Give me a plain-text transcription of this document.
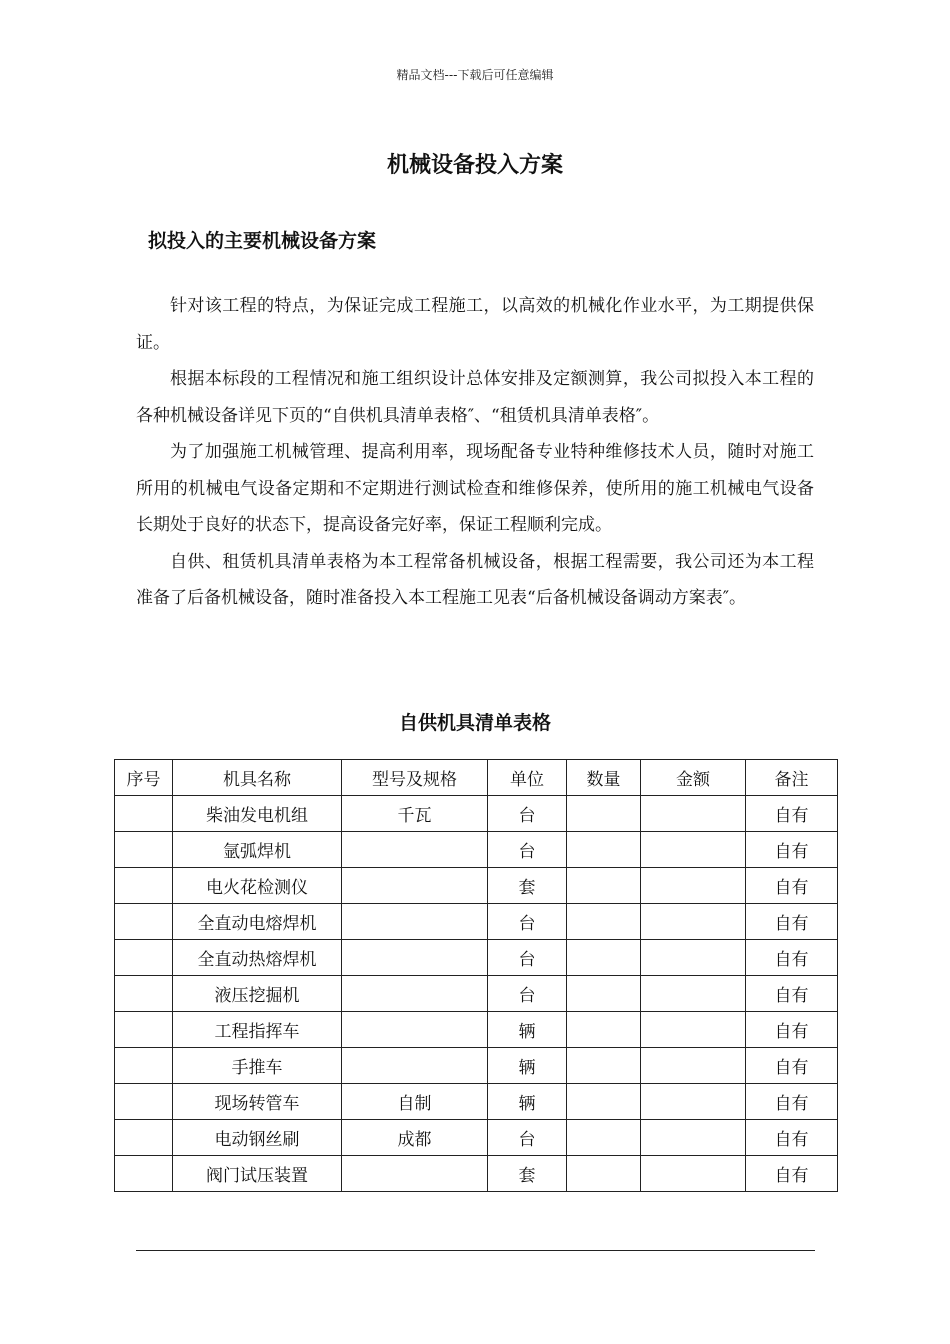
精品文档---下载后可任意编辑
机械设备投入方案
拟投入的主要机械设备方案

针对该工程的特点，为保证完成工程施工，以高效的机械化作业水平，为工期提供保证。

根据本标段的工程情况和施工组织设计总体安排及定额测算，我公司拟投入本工程的各种机械设备详见下页的“自供机具清单表格″、“租赁机具清单表格″。

为了加强施工机械管理、提高利用率，现场配备专业特种维修技术人员，随时对施工所用的机械电气设备定期和不定期进行测试检查和维修保养，使所用的施工机械电气设备长期处于良好的状态下，提高设备完好率，保证工程顺利完成。

自供、租赁机具清单表格为本工程常备机械设备，根据工程需要，我公司还为本工程准备了后备机械设备，随时准备投入本工程施工见表“后备机械设备调动方案表″。

自供机具清单表格
序号	机具名称	型号及规格	单位	数量	金额	备注
	柴油发电机组	千瓦	台			自有
	氩弧焊机		台			自有
	电火花检测仪		套			自有
	全直动电熔焊机		台			自有
	全直动热熔焊机		台			自有
	液压挖掘机		台			自有
	工程指挥车		辆			自有
	手推车		辆			自有
	现场转管车	自制	辆			自有
	电动钢丝刷	成都	台			自有
	阀门试压装置		套			自有
